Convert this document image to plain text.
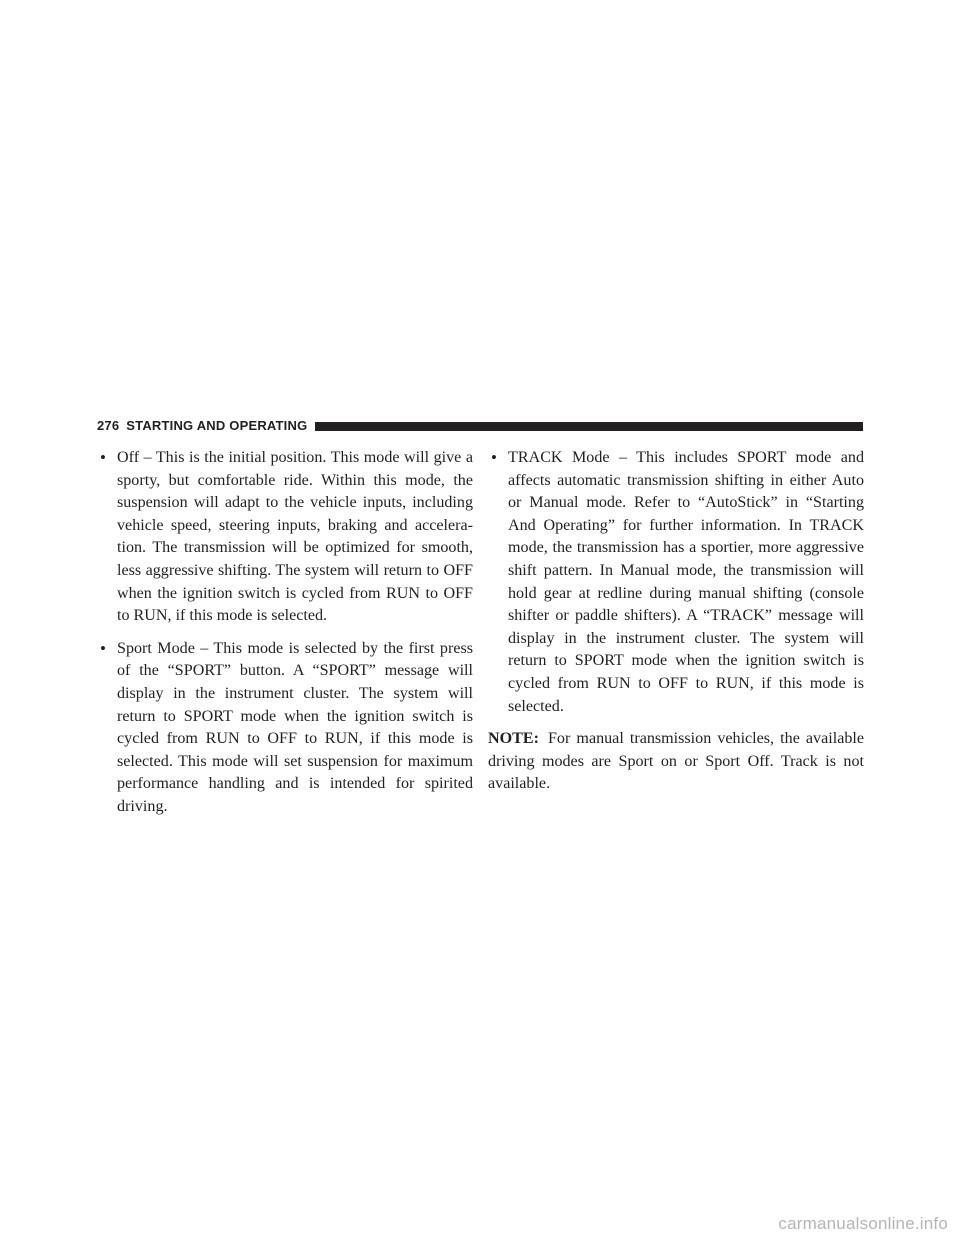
276 STARTING AND OPERATING

• Off – This is the initial position. This mode will give a sporty, but comfortable ride. Within this mode, the suspension will adapt to the vehicle inputs, including vehicle speed, steering inputs, braking and accelera-tion. The transmission will be optimized for smooth, less aggressive shifting. The system will return to OFF when the ignition switch is cycled from RUN to OFF to RUN, if this mode is selected.

• Sport Mode – This mode is selected by the first press of the “SPORT” button. A “SPORT” message will display in the instrument cluster. The system will return to SPORT mode when the ignition switch is cycled from RUN to OFF to RUN, if this mode is selected. This mode will set suspension for maximum performance handling and is intended for spirited driving.

• TRACK Mode – This includes SPORT mode and affects automatic transmission shifting in either Auto or Manual mode. Refer to “AutoStick” in “Starting And Operating” for further information. In TRACK mode, the transmission has a sportier, more aggressive shift pattern. In Manual mode, the transmission will hold gear at redline during manual shifting (console shifter or paddle shifters). A “TRACK” message will display in the instrument cluster. The system will return to SPORT mode when the ignition switch is cycled from RUN to OFF to RUN, if this mode is selected.

NOTE: For manual transmission vehicles, the available driving modes are Sport on or Sport Off. Track is not available.

carmanualsonline.info
